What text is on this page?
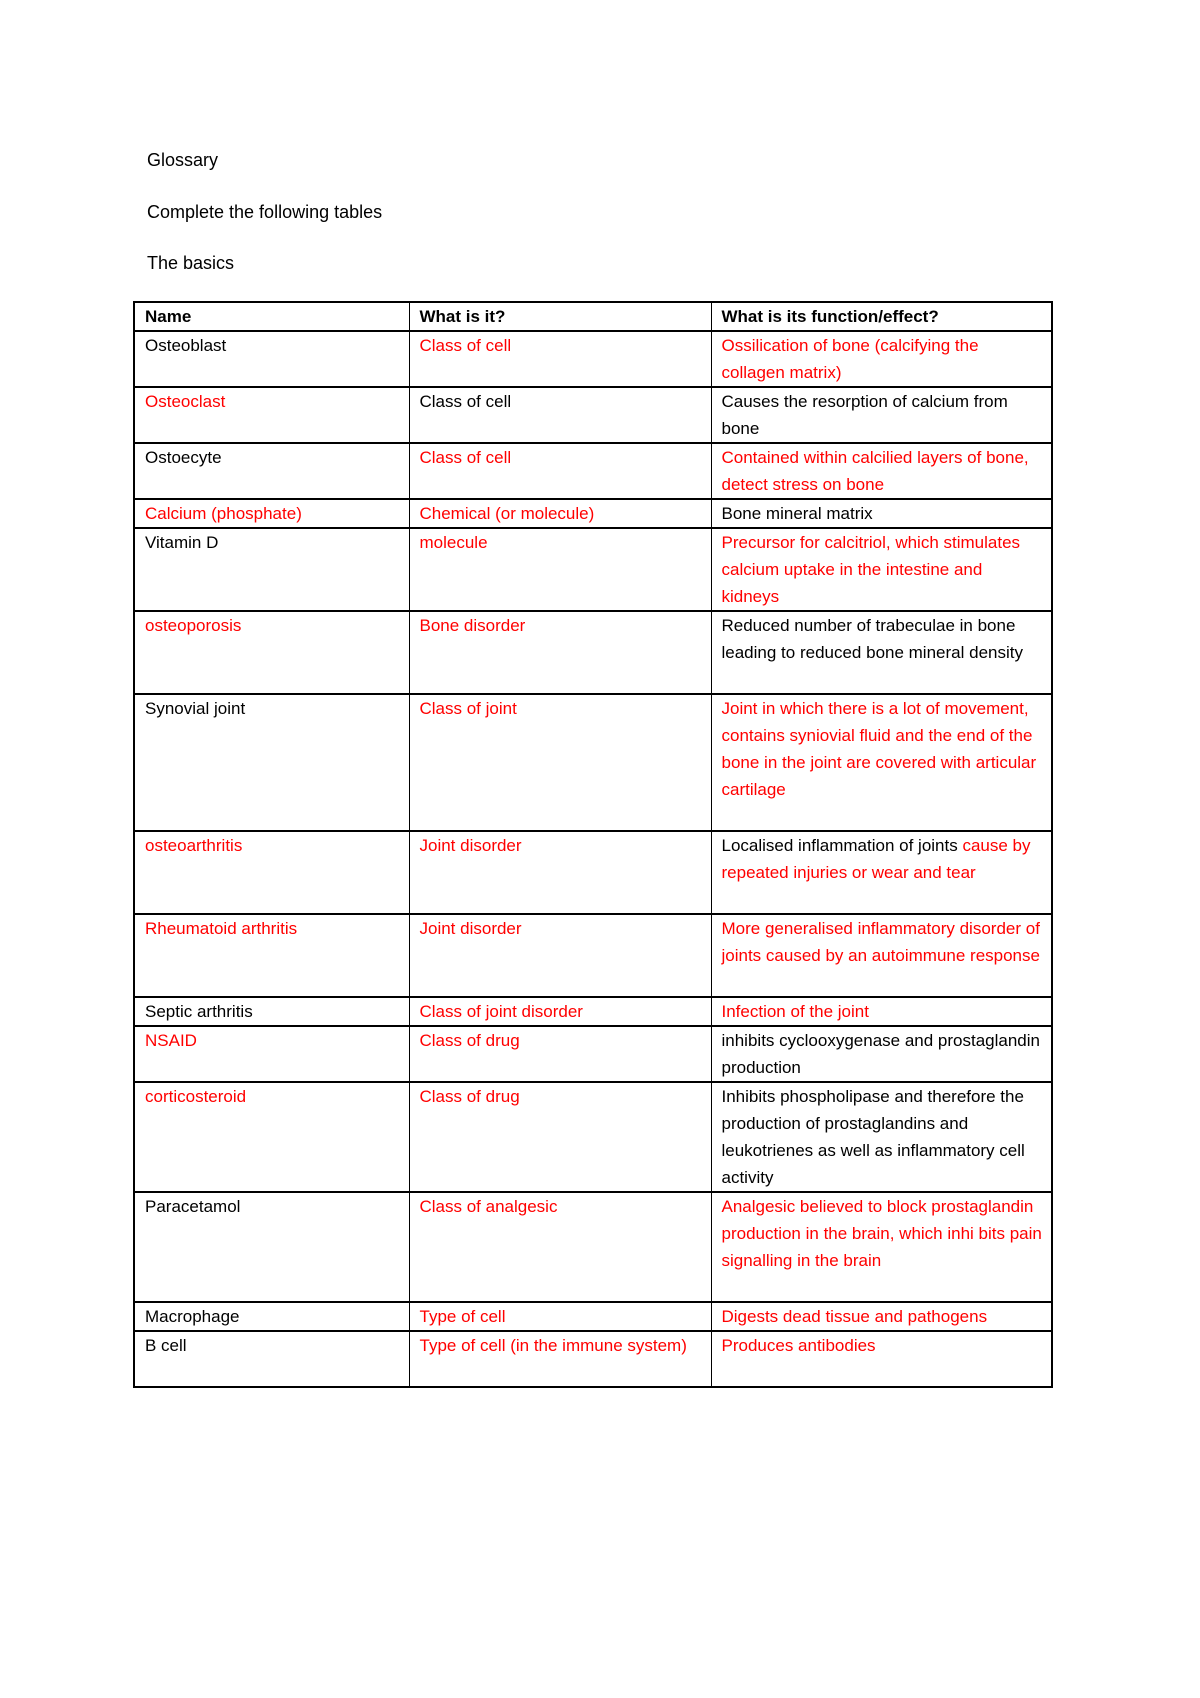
Glossary
Complete the following tables
The basics
Name	What is it?	What is its function/effect?
Osteoblast	Class of cell	Ossilication of bone (calcifying the collagen matrix)
Osteoclast	Class of cell	Causes the resorption of calcium from bone
Ostoecyte	Class of cell	Contained within calcilied layers of bone, detect stress on bone
Calcium (phosphate)	Chemical (or molecule)	Bone mineral matrix
Vitamin D	molecule	Precursor for calcitriol, which stimulates calcium uptake in the intestine and kidneys
osteoporosis	Bone disorder	Reduced number of trabeculae in bone leading to reduced bone mineral density
Synovial joint	Class of joint	Joint in which there is a lot of movement, contains syniovial fluid and the end of the bone in the joint are covered with articular cartilage
osteoarthritis	Joint disorder	Localised inflammation of joints cause by repeated injuries or wear and tear
Rheumatoid arthritis	Joint disorder	More generalised inflammatory disorder of joints caused by an autoimmune response
Septic arthritis	Class of joint disorder	Infection of the joint
NSAID	Class of drug	inhibits cyclooxygenase and prostaglandin production
corticosteroid	Class of drug	Inhibits phospholipase and therefore the production of prostaglandins and leukotrienes as well as inflammatory cell activity
Paracetamol	Class of analgesic	Analgesic believed to block prostaglandin production in the brain, which inhi bits pain signalling in the brain
Macrophage	Type of cell	Digests dead tissue and pathogens
B cell	Type of cell (in the immune system)	Produces antibodies
